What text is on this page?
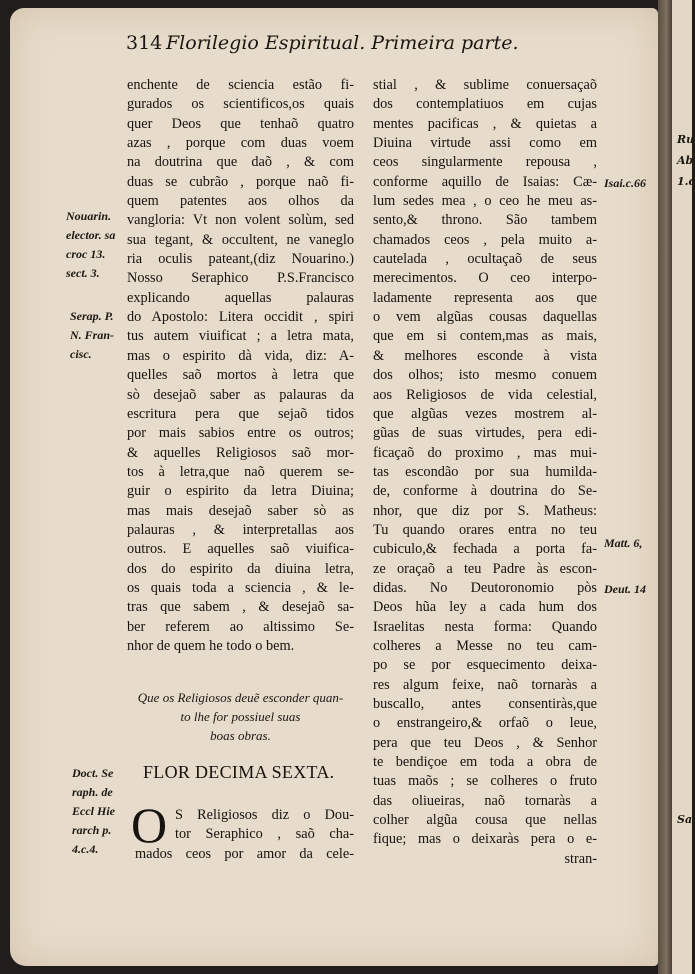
Ru
Ab
1.c
Sa
314 Florilegio Espiritual. Primeira parte.
enchente de sciencia estão fi-
gurados os scientificos,os quais
quer Deos que tenhaõ quatro
azas , porque com duas voem
na doutrina que daõ , & com
duas se cubrão , porque naõ fi-
quem patentes aos olhos da
vangloria: Vt non volent solùm, sed
sua tegant, & occultent, ne vaneglo
ria oculis pateant,(diz Nouarino.)
Nosso Seraphico P.S.Francisco
explicando aquellas palauras
do Apostolo: Litera occidit , spiri
tus autem viuificat ; a letra mata,
mas o espirito dà vida, diz: A-
quelles saõ mortos à letra que
sò desejaõ saber as palauras da
escritura pera que sejaõ tidos
por mais sabios entre os outros;
& aquelles Religiosos saõ mor-
tos à letra,que naõ querem se-
guir o espirito da letra Diuina;
mas mais desejaõ saber sò as
palauras , & interpretallas aos
outros. E aquelles saõ viuifica-
dos do espirito da diuina letra,
os quais toda a sciencia , & le-
tras que sabem , & desejaõ sa-
ber referem ao altissimo Se-
nhor de quem he todo o bem.
Nouarin.
elector. sa
croc 13.
sect. 3.
Serap. P.
N. Fran-
cisc.
Doct. Se
raph. de
Eccl Hie
rarch p.
4.c.4.
Que os Religiosos deuẽ esconder quan-
to lhe for possiuel suas
boas obras.
FLOR DECIMA SEXTA.
O S Religiosos diz o Dou-
tor Seraphico , saõ cha-
mados ceos por amor da cele-
stial , & sublime conuersaçaõ
dos contemplatiuos em cujas
mentes pacificas , & quietas a
Diuina virtude assi como em
ceos singularmente repousa ,
conforme aquillo de Isaias: Cæ-
lum sedes mea , o ceo he meu as-
sento,& throno. São tambem
chamados ceos , pela muito a-
cautelada , ocultaçaõ de seus
merecimentos. O ceo interpo-
ladamente representa aos que
o vem algũas cousas daquellas
que em si contem,mas as mais,
& melhores esconde à vista
dos olhos; isto mesmo conuem
aos Religiosos de vida celestial,
que algũas vezes mostrem al-
gũas de suas virtudes, pera edi-
ficaçaõ do proximo , mas mui-
tas escondão por sua humilda-
de, conforme à doutrina do Se-
nhor, que diz por S. Matheus:
Tu quando orares entra no teu
cubiculo,& fechada a porta fa-
ze oraçaõ a teu Padre às escon-
didas. No Deutoronomio pòs
Deos hũa ley a cada hum dos
Israelitas nesta forma: Quando
colheres a Messe no teu cam-
po se por esquecimento deixa-
res algum feixe, naõ tornaràs a
buscallo, antes consentiràs,que
o enstrangeiro,& orfaõ o leue,
pera que teu Deos , & Senhor
te bendiçoe em toda a obra de
tuas maõs ; se colheres o fruto
das oliueiras, naõ tornaràs a
colher algũa cousa que nellas
fique; mas o deixaràs pera o e-
stran-
Isai.c.66
Matt. 6,
Deut. 14
